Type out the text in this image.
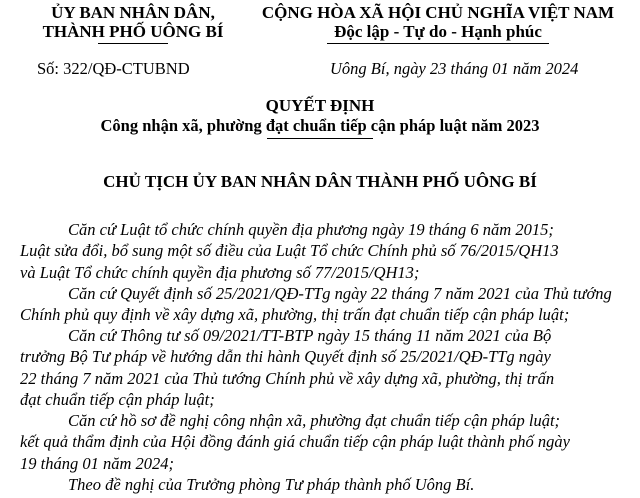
ỦY BAN NHÂN DÂN,
THÀNH PHỐ UÔNG BÍ
CỘNG HÒA XÃ HỘI CHỦ NGHĨA VIỆT NAM
Độc lập - Tự do - Hạnh phúc
Số: 322/QĐ-CTUBND	Uông Bí, ngày 23 tháng 01 năm 2024
QUYẾT ĐỊNH
Công nhận xã, phường đạt chuẩn tiếp cận pháp luật năm 2023
CHỦ TỊCH ỦY BAN NHÂN DÂN THÀNH PHỐ UÔNG BÍ
Căn cứ Luật tổ chức chính quyền địa phương ngày 19 tháng 6 năm 2015;
Luật sửa đổi, bổ sung một số điều của Luật Tổ chức Chính phủ số 76/2015/QH13
và Luật Tổ chức chính quyền địa phương số 77/2015/QH13;
Căn cứ Quyết định số 25/2021/QĐ-TTg ngày 22 tháng 7 năm 2021 của Thủ tướng
Chính phủ quy định về xây dựng xã, phường, thị trấn đạt chuẩn tiếp cận pháp luật;
Căn cứ Thông tư số 09/2021/TT-BTP ngày 15 tháng 11 năm 2021 của Bộ
trưởng Bộ Tư pháp về hướng dẫn thi hành Quyết định số 25/2021/QĐ-TTg ngày
22 tháng 7 năm 2021 của Thủ tướng Chính phủ về xây dựng xã, phường, thị trấn
đạt chuẩn tiếp cận pháp luật;
Căn cứ hồ sơ đề nghị công nhận xã, phường đạt chuẩn tiếp cận pháp luật;
kết quả thẩm định của Hội đồng đánh giá chuẩn tiếp cận pháp luật thành phố ngày
19 tháng 01 năm 2024;
Theo đề nghị của Trưởng phòng Tư pháp thành phố Uông Bí.
